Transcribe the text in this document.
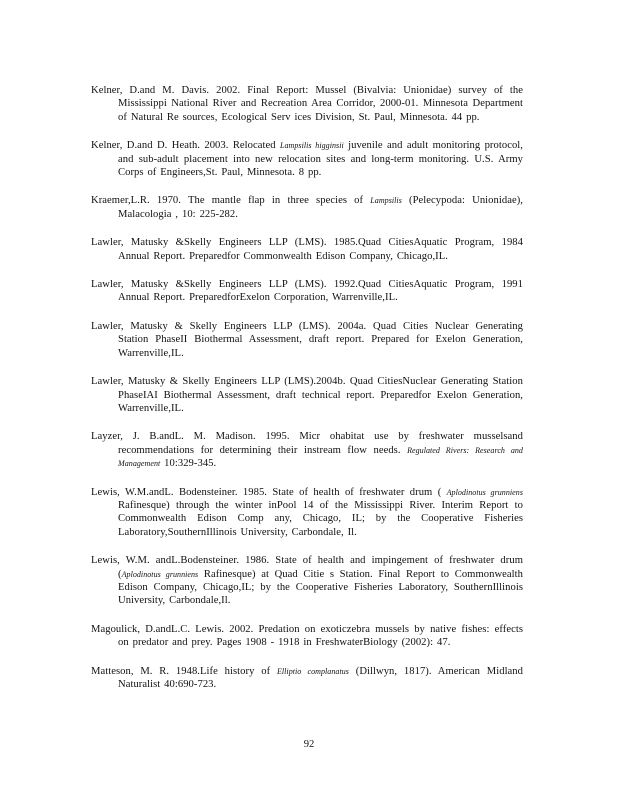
Kelner, D.and M. Davis. 2002. Final Report: Mussel (Bivalvia: Unionidae) survey of the Mississippi National River and Recreation Area Corridor, 2000-01. Minnesota Department of Natural Re sources, Ecological Serv ices Division, St. Paul, Minnesota. 44 pp.
Kelner, D.and D. Heath. 2003. Relocated Lampsilis higginsii juvenile and adult monitoring protocol, and sub-adult placement into new relocation sites and long-term monitoring. U.S. Army Corps of Engineers,St. Paul, Minnesota. 8 pp.
Kraemer,L.R. 1970. The mantle flap in three species of Lampsilis (Pelecypoda: Unionidae), Malacologia , 10: 225-282.
Lawler, Matusky &Skelly Engineers LLP (LMS). 1985.Quad CitiesAquatic Program, 1984 Annual Report. Preparedfor Commonwealth Edison Company, Chicago,IL.
Lawler, Matusky &Skelly Engineers LLP (LMS). 1992.Quad CitiesAquatic Program, 1991 Annual Report. PreparedforExelon Corporation, Warrenville,IL.
Lawler, Matusky & Skelly Engineers LLP (LMS). 2004a. Quad Cities Nuclear Generating Station PhaseII Biothermal Assessment, draft report. Prepared for Exelon Generation, Warrenville,IL.
Lawler, Matusky & Skelly Engineers LLP (LMS).2004b. Quad CitiesNuclear Generating Station PhaseIAI Biothermal Assessment, draft technical report. Preparedfor Exelon Generation, Warrenville,IL.
Layzer, J. B.andL. M. Madison. 1995. Micr ohabitat use by freshwater musselsand recommendations for determining their instream flow needs. Regulated Rivers: Research and Management 10:329-345.
Lewis, W.M.andL. Bodensteiner. 1985. State of health of freshwater drum ( Aplodinotus grunniens Rafinesque) through the winter inPool 14 of the Mississippi River. Interim Report to Commonwealth Edison Comp any, Chicago, IL; by the Cooperative Fisheries Laboratory,SouthernIllinois University, Carbondale, Il.
Lewis, W.M. andL.Bodensteiner. 1986. State of health and impingement of freshwater drum (Aplodinotus grunniens Rafinesque) at Quad Citie s Station. Final Report to Commonwealth Edison Company, Chicago,IL; by the Cooperative Fisheries Laboratory, SouthernIllinois University, Carbondale,Il.
Magoulick, D.andL.C. Lewis. 2002. Predation on exoticzebra mussels by native fishes: effects on predator and prey. Pages 1908 - 1918 in FreshwaterBiology (2002): 47.
Matteson, M. R. 1948.Life history of Elliptio complanatus (Dillwyn, 1817). American Midland Naturalist 40:690-723.
92
